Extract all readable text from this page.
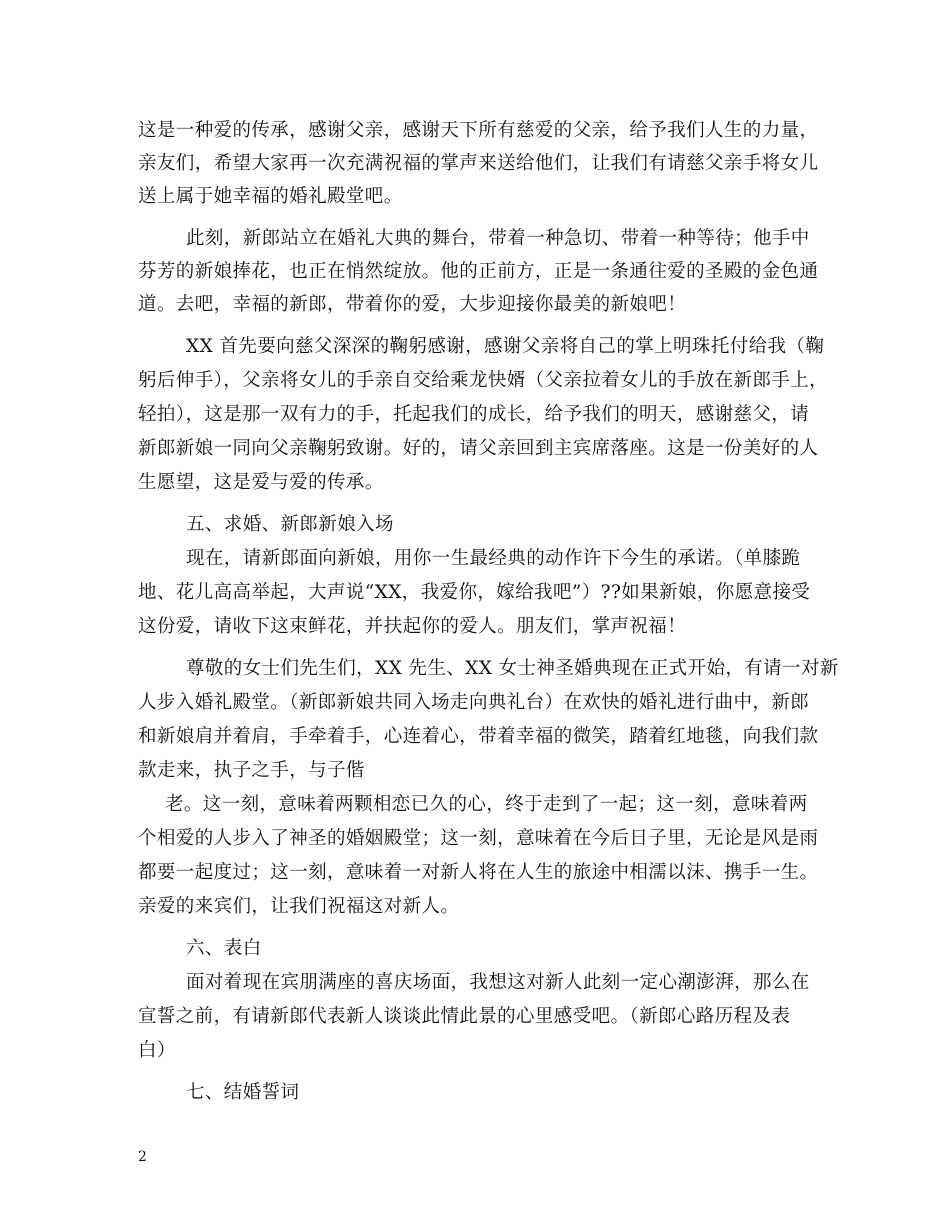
这是一种爱的传承，感谢父亲，感谢天下所有慈爱的父亲，给予我们人生的力量，
亲友们，希望大家再一次充满祝福的掌声来送给他们，让我们有请慈父亲手将女儿
送上属于她幸福的婚礼殿堂吧。
此刻，新郎站立在婚礼大典的舞台，带着一种急切、带着一种等待；他手中
芬芳的新娘捧花，也正在悄然绽放。他的正前方，正是一条通往爱的圣殿的金色通
道。去吧，幸福的新郎，带着你的爱，大步迎接你最美的新娘吧！
XX 首先要向慈父深深的鞠躬感谢，感谢父亲将自己的掌上明珠托付给我（鞠
躬后伸手），父亲将女儿的手亲自交给乘龙快婿（父亲拉着女儿的手放在新郎手上，
轻拍），这是那一双有力的手，托起我们的成长，给予我们的明天，感谢慈父，请
新郎新娘一同向父亲鞠躬致谢。好的，请父亲回到主宾席落座。这是一份美好的人
生愿望，这是爱与爱的传承。
五、求婚、新郎新娘入场
现在，请新郎面向新娘，用你一生最经典的动作许下今生的承诺。（单膝跪
地、花儿高高举起，大声说“XX，我爱你，嫁给我吧”）??如果新娘，你愿意接受
这份爱，请收下这束鲜花，并扶起你的爱人。朋友们，掌声祝福！
尊敬的女士们先生们，XX 先生、XX 女士神圣婚典现在正式开始，有请一对新
人步入婚礼殿堂。（新郎新娘共同入场走向典礼台）在欢快的婚礼进行曲中，新郎
和新娘肩并着肩，手牵着手，心连着心，带着幸福的微笑，踏着红地毯，向我们款
款走来，执子之手，与子偕
老。这一刻，意味着两颗相恋已久的心，终于走到了一起；这一刻，意味着两
个相爱的人步入了神圣的婚姻殿堂；这一刻，意味着在今后日子里，无论是风是雨
都要一起度过；这一刻，意味着一对新人将在人生的旅途中相濡以沫、携手一生。
亲爱的来宾们，让我们祝福这对新人。
六、表白
面对着现在宾朋满座的喜庆场面，我想这对新人此刻一定心潮澎湃，那么在
宣誓之前，有请新郎代表新人谈谈此情此景的心里感受吧。（新郎心路历程及表
白）
七、结婚誓词
2
